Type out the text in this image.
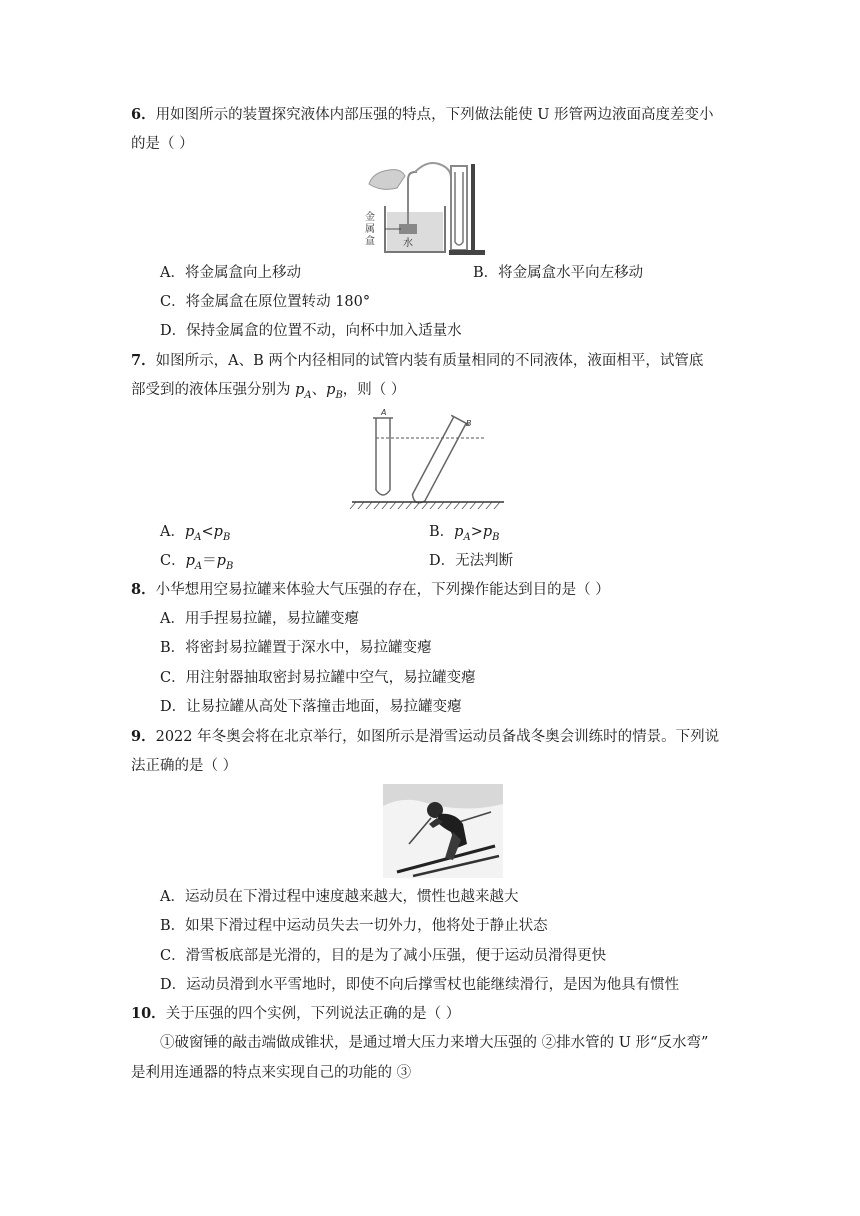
6．用如图所示的装置探究液体内部压强的特点，下列做法能使 U 形管两边液面高度差变小
的是（ ）
金
属
盒	水
A．将金属盒向上移动	B．将金属盒水平向左移动
C．将金属盒在原位置转动 180°
D．保持金属盒的位置不动，向杯中加入适量水
7．如图所示，A、B 两个内径相同的试管内装有质量相同的不同液体，液面相平，试管底
部受到的液体压强分别为 $p_A$、$p_B$，则（ ）
A
B
A．$p_A<p_B$	B．$p_A>p_B$
C．$p_A=p_B$	D．无法判断
8．小华想用空易拉罐来体验大气压强的存在，下列操作能达到目的是（ ）
A．用手捏易拉罐，易拉罐变瘪
B．将密封易拉罐置于深水中，易拉罐变瘪
C．用注射器抽取密封易拉罐中空气，易拉罐变瘪
D．让易拉罐从高处下落撞击地面，易拉罐变瘪
9．2022 年冬奥会将在北京举行，如图所示是滑雪运动员备战冬奥会训练时的情景。下列说
法正确的是（ ）
A．运动员在下滑过程中速度越来越大，惯性也越来越大
B．如果下滑过程中运动员失去一切外力，他将处于静止状态
C．滑雪板底部是光滑的，目的是为了减小压强，便于运动员滑得更快
D．运动员滑到水平雪地时，即使不向后撑雪杖也能继续滑行，是因为他具有惯性
10．关于压强的四个实例，下列说法正确的是（ ）
①破窗锤的敲击端做成锥状，是通过增大压力来增大压强的 ②排水管的 U 形“反水弯”
是利用连通器的特点来实现自己的功能的 ③
